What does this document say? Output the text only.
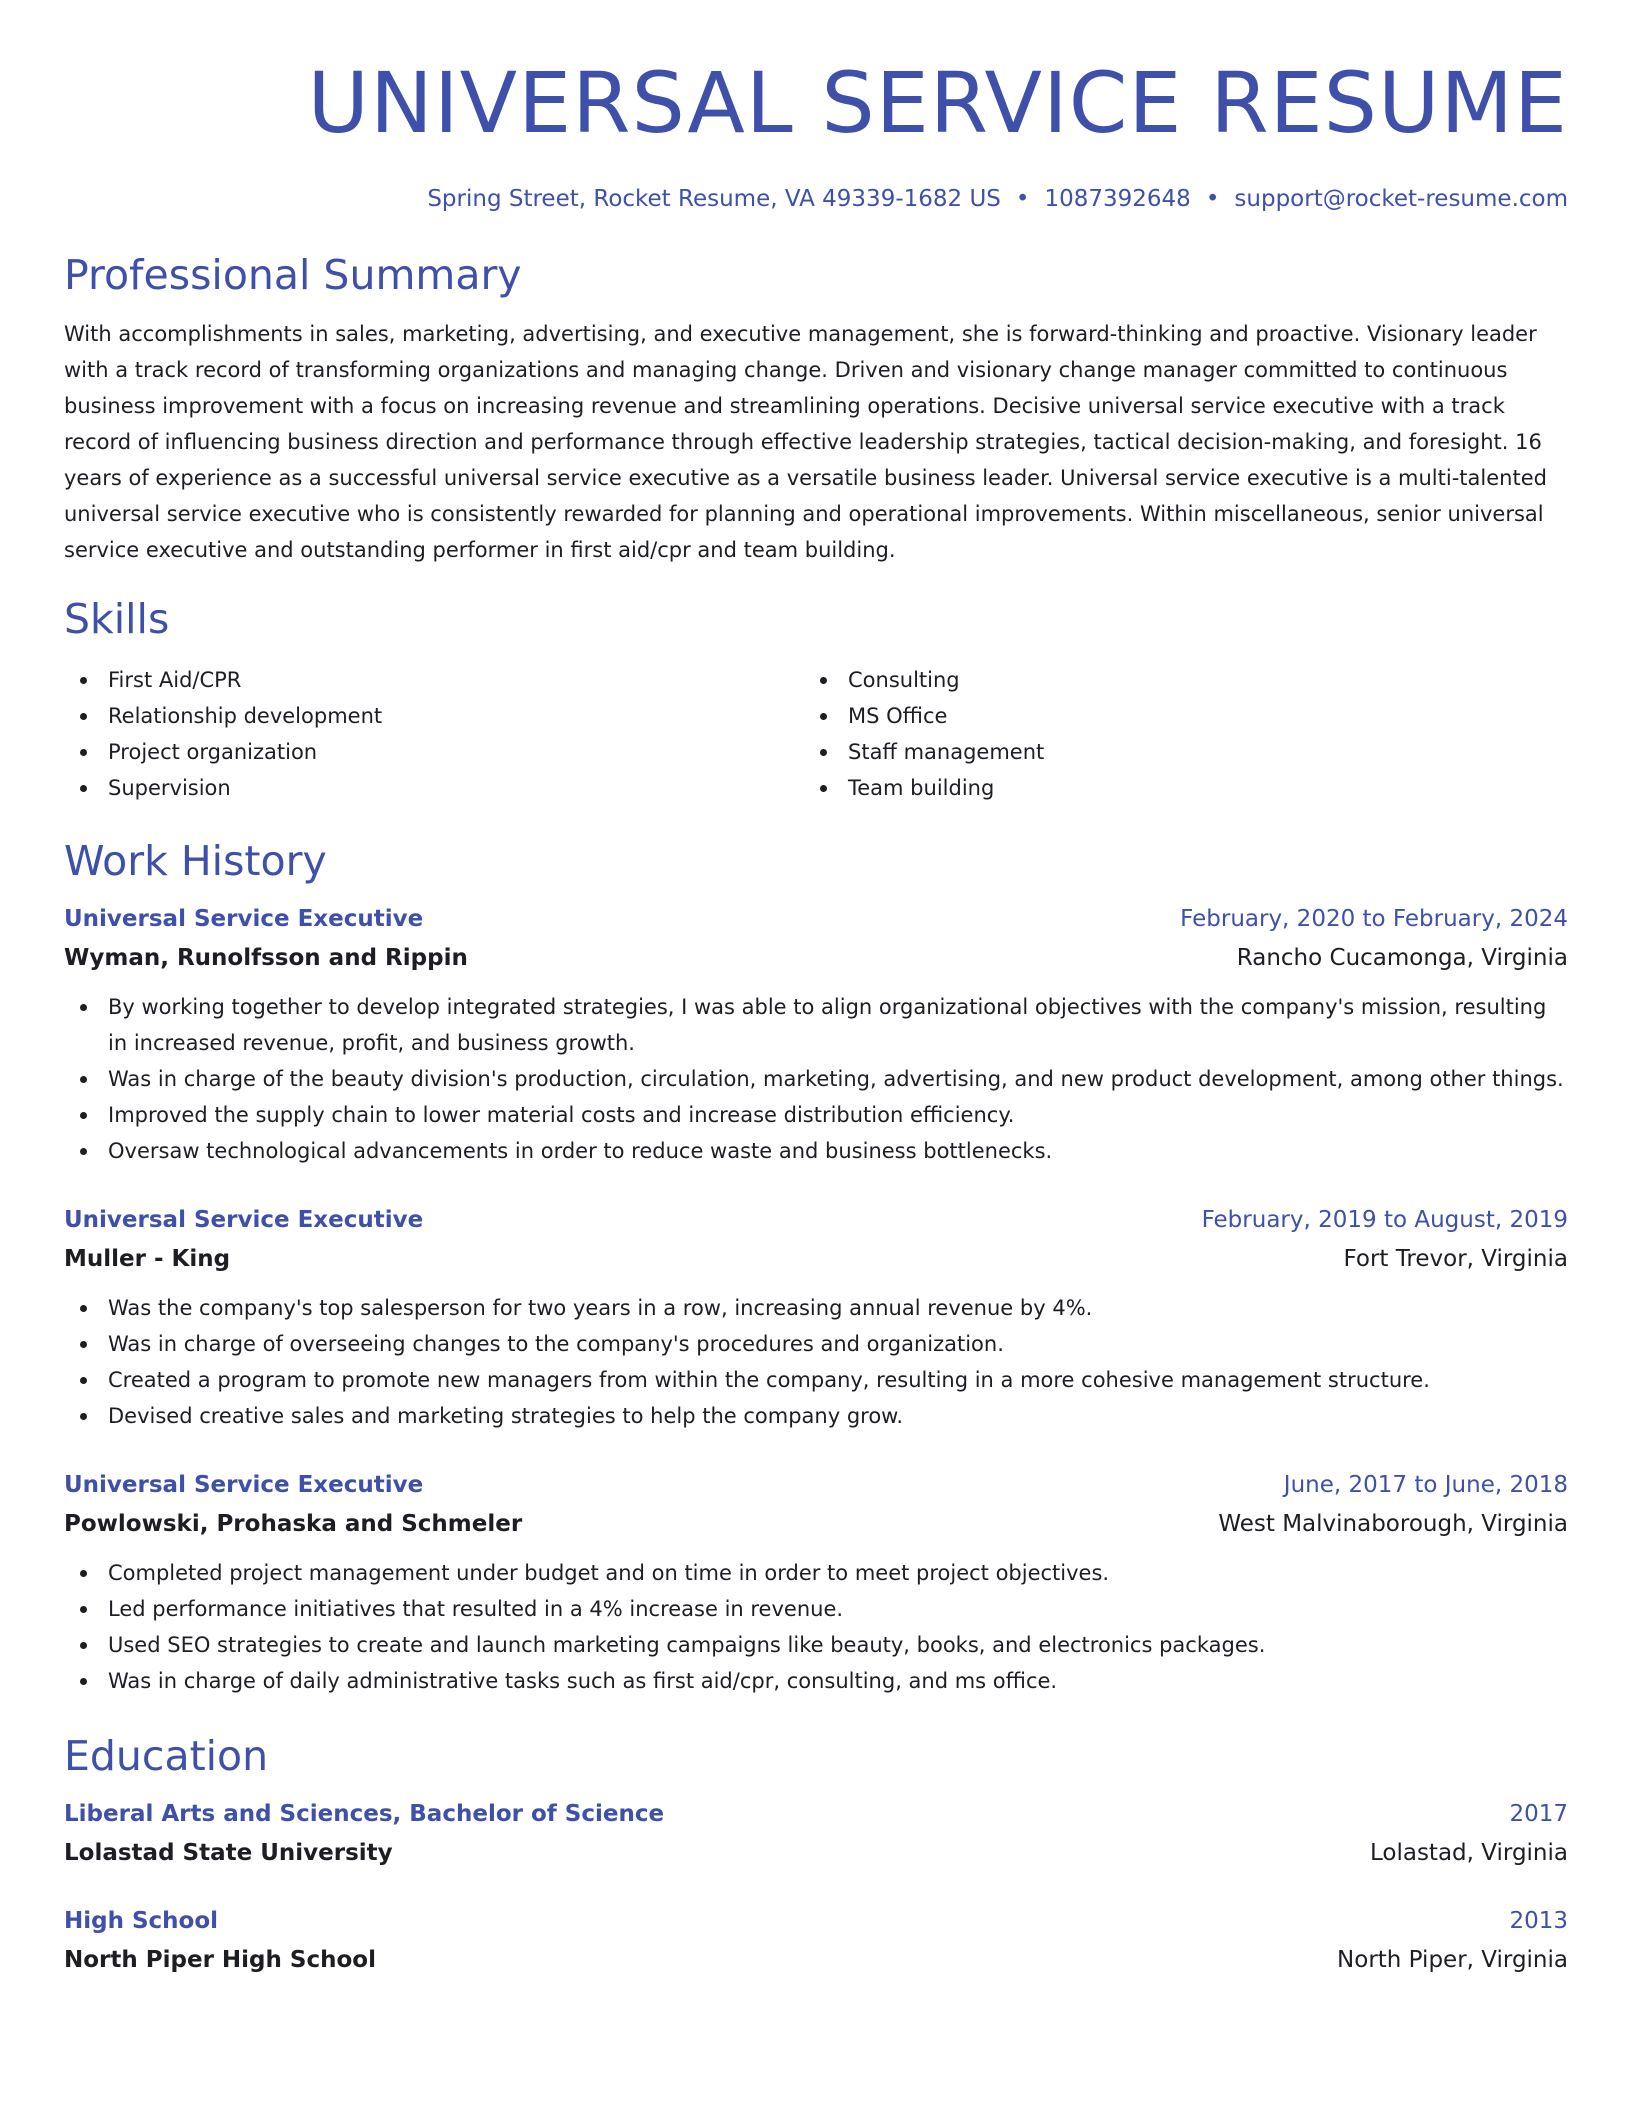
UNIVERSAL SERVICE RESUME
Spring Street, Rocket Resume, VA 49339-1682 US • 1087392648 • support@rocket-resume.com
Professional Summary
With accomplishments in sales, marketing, advertising, and executive management, she is forward-thinking and proactive. Visionary leader with a track record of transforming organizations and managing change. Driven and visionary change manager committed to continuous business improvement with a focus on increasing revenue and streamlining operations. Decisive universal service executive with a track record of influencing business direction and performance through effective leadership strategies, tactical decision-making, and foresight. 16 years of experience as a successful universal service executive as a versatile business leader. Universal service executive is a multi-talented universal service executive who is consistently rewarded for planning and operational improvements. Within miscellaneous, senior universal service executive and outstanding performer in first aid/cpr and team building.
Skills
First Aid/CPR
Relationship development
Project organization
Supervision
Consulting
MS Office
Staff management
Team building
Work History
Universal Service Executive	February, 2020 to February, 2024
Wyman, Runolfsson and Rippin	Rancho Cucamonga, Virginia
By working together to develop integrated strategies, I was able to align organizational objectives with the company's mission, resulting in increased revenue, profit, and business growth.
Was in charge of the beauty division's production, circulation, marketing, advertising, and new product development, among other things.
Improved the supply chain to lower material costs and increase distribution efficiency.
Oversaw technological advancements in order to reduce waste and business bottlenecks.
Universal Service Executive	February, 2019 to August, 2019
Muller - King	Fort Trevor, Virginia
Was the company's top salesperson for two years in a row, increasing annual revenue by 4%.
Was in charge of overseeing changes to the company's procedures and organization.
Created a program to promote new managers from within the company, resulting in a more cohesive management structure.
Devised creative sales and marketing strategies to help the company grow.
Universal Service Executive	June, 2017 to June, 2018
Powlowski, Prohaska and Schmeler	West Malvinaborough, Virginia
Completed project management under budget and on time in order to meet project objectives.
Led performance initiatives that resulted in a 4% increase in revenue.
Used SEO strategies to create and launch marketing campaigns like beauty, books, and electronics packages.
Was in charge of daily administrative tasks such as first aid/cpr, consulting, and ms office.
Education
Liberal Arts and Sciences, Bachelor of Science	2017
Lolastad State University	Lolastad, Virginia
High School	2013
North Piper High School	North Piper, Virginia
